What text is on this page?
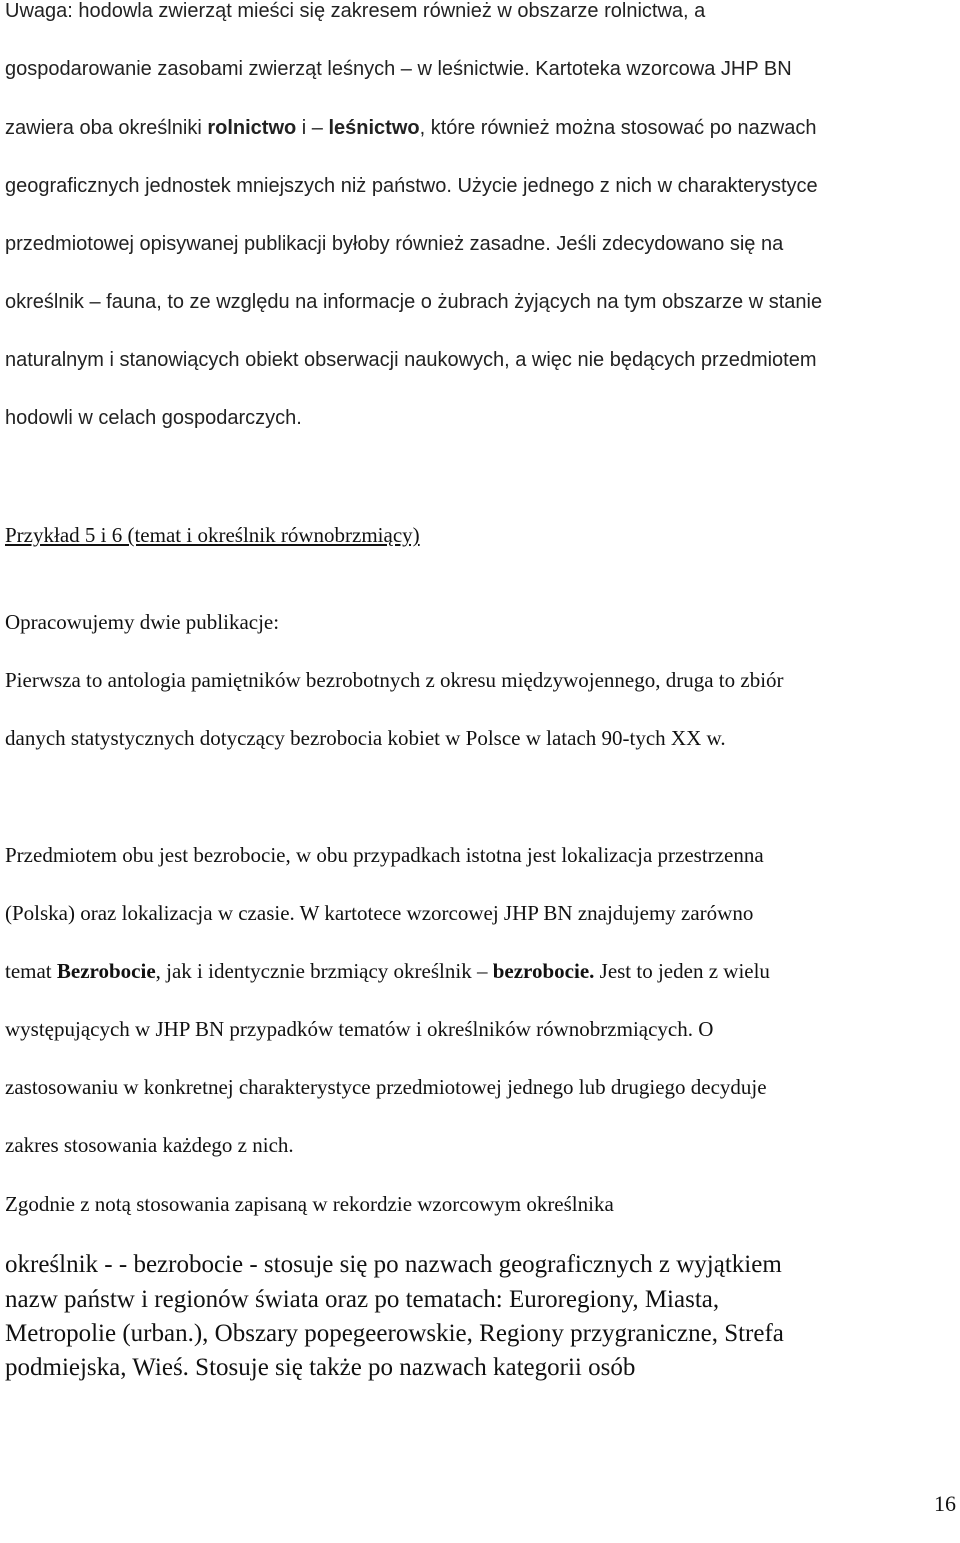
Uwaga: hodowla zwierząt mieści się zakresem również w obszarze rolnictwa, a
gospodarowanie zasobami zwierząt leśnych – w leśnictwie. Kartoteka wzorcowa JHP BN
zawiera oba określniki rolnictwo i – leśnictwo, które również można stosować po nazwach
geograficznych jednostek mniejszych niż państwo. Użycie jednego z nich w charakterystyce
przedmiotowej opisywanej publikacji byłoby również zasadne. Jeśli zdecydowano się na
określnik – fauna, to ze względu na informacje o żubrach żyjących na tym obszarze w stanie
naturalnym i stanowiących obiekt obserwacji naukowych, a więc nie będących przedmiotem
hodowli w celach gospodarczych.
Przykład 5 i 6 (temat i określnik równobrzmiący)
Opracowujemy dwie publikacje:
Pierwsza to antologia pamiętników bezrobotnych z okresu międzywojennego, druga to zbiór
danych statystycznych dotyczący bezrobocia kobiet w Polsce w latach 90-tych XX w.
Przedmiotem obu jest bezrobocie, w obu przypadkach istotna jest lokalizacja przestrzenna
(Polska) oraz lokalizacja w czasie. W kartotece wzorcowej JHP BN znajdujemy zarówno
temat Bezrobocie, jak i identycznie brzmiący określnik – bezrobocie. Jest to jeden z wielu
występujących w JHP BN przypadków tematów i określników równobrzmiących. O
zastosowaniu w konkretnej charakterystyce przedmiotowej jednego lub drugiego decyduje
zakres stosowania każdego z nich.
Zgodnie z notą stosowania zapisaną w rekordzie wzorcowym określnika
określnik - - bezrobocie - stosuje się po nazwach geograficznych z wyjątkiem
nazw państw i regionów świata oraz po tematach: Euroregiony, Miasta,
Metropolie (urban.), Obszary popegeerowskie, Regiony przygraniczne, Strefa
podmiejska, Wieś. Stosuje się także po nazwach kategorii osób
16
